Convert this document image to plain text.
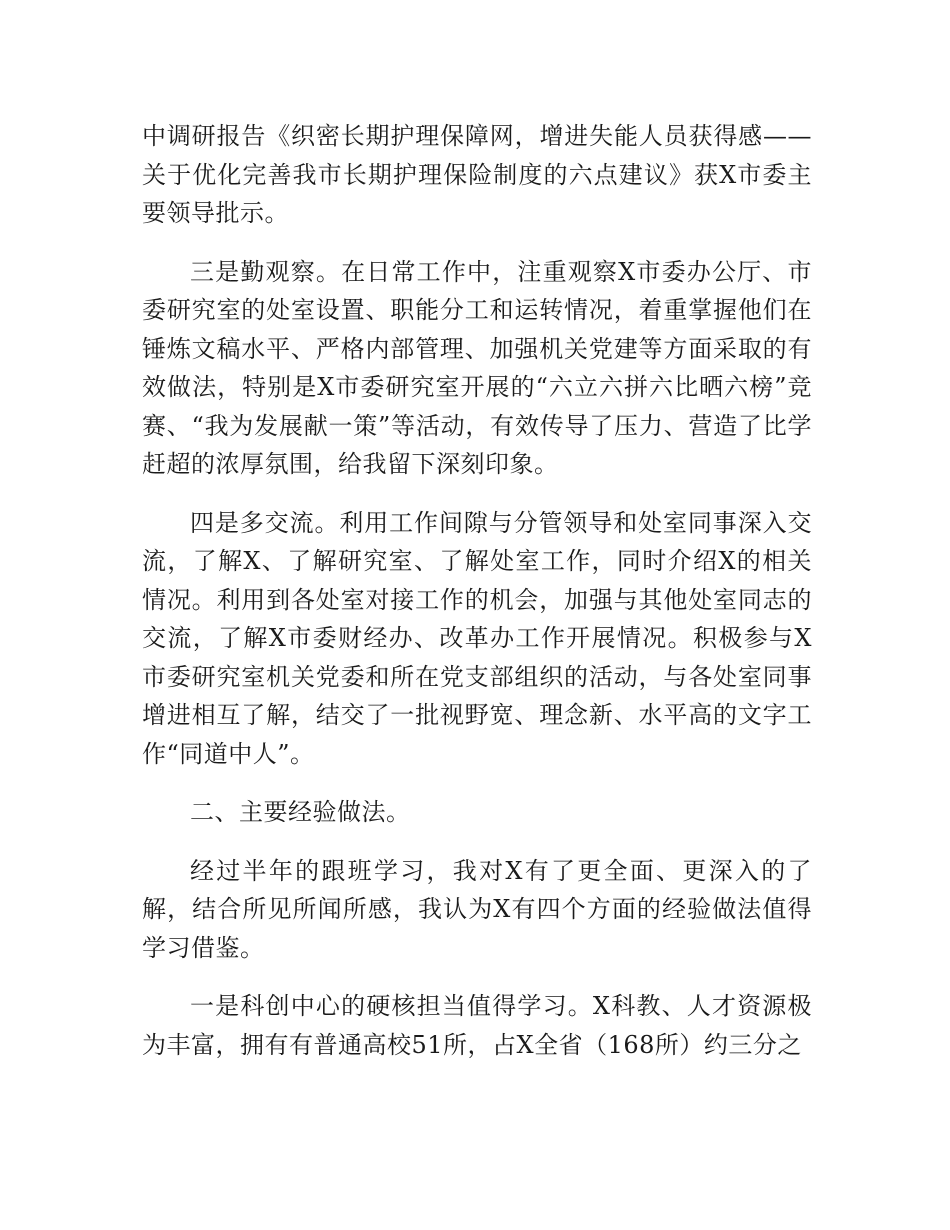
中调研报告《织密长期护理保障网，增进失能人员获得感——关于优化完善我市长期护理保险制度的六点建议》获X市委主要领导批示。

三是勤观察。在日常工作中，注重观察X市委办公厅、市委研究室的处室设置、职能分工和运转情况，着重掌握他们在锤炼文稿水平、严格内部管理、加强机关党建等方面采取的有效做法，特别是X市委研究室开展的“六立六拼六比晒六榜”竞赛、“我为发展献一策”等活动，有效传导了压力、营造了比学赶超的浓厚氛围，给我留下深刻印象。

四是多交流。利用工作间隙与分管领导和处室同事深入交流，了解X、了解研究室、了解处室工作，同时介绍X的相关情况。利用到各处室对接工作的机会，加强与其他处室同志的交流，了解X市委财经办、改革办工作开展情况。积极参与X市委研究室机关党委和所在党支部组织的活动，与各处室同事增进相互了解，结交了一批视野宽、理念新、水平高的文字工作“同道中人”。

二、主要经验做法。

经过半年的跟班学习，我对X有了更全面、更深入的了解，结合所见所闻所感，我认为X有四个方面的经验做法值得学习借鉴。

一是科创中心的硬核担当值得学习。X科教、人才资源极为丰富，拥有有普通高校51所，占X全省（168所）约三分之
